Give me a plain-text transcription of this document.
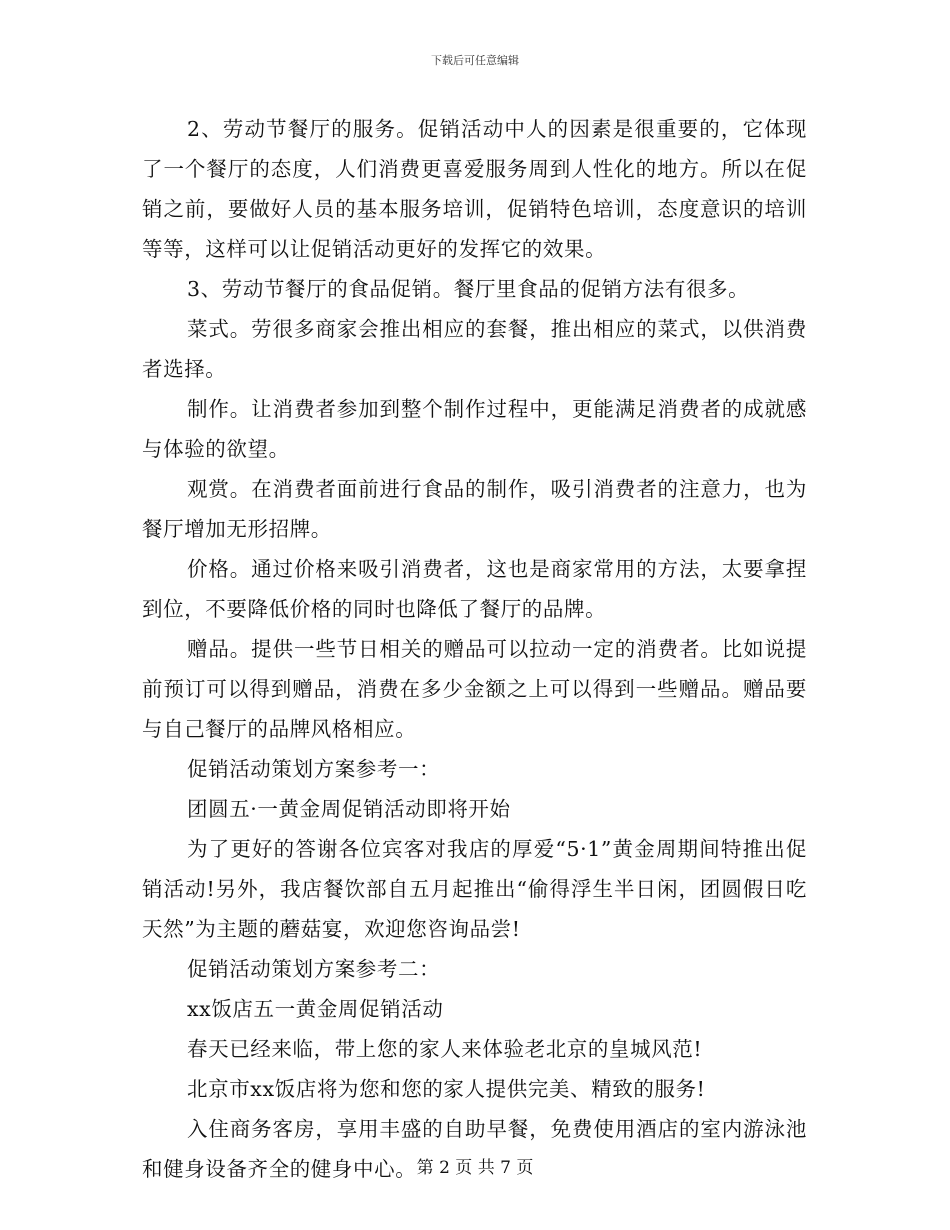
下载后可任意编辑

2、劳动节餐厅的服务。促销活动中人的因素是很重要的，它体现了一个餐厅的态度，人们消费更喜爱服务周到人性化的地方。所以在促销之前，要做好人员的基本服务培训，促销特色培训，态度意识的培训等等，这样可以让促销活动更好的发挥它的效果。

3、劳动节餐厅的食品促销。餐厅里食品的促销方法有很多。

菜式。劳很多商家会推出相应的套餐，推出相应的菜式，以供消费者选择。

制作。让消费者参加到整个制作过程中，更能满足消费者的成就感与体验的欲望。

观赏。在消费者面前进行食品的制作，吸引消费者的注意力，也为餐厅增加无形招牌。

价格。通过价格来吸引消费者，这也是商家常用的方法，太要拿捏到位，不要降低价格的同时也降低了餐厅的品牌。

赠品。提供一些节日相关的赠品可以拉动一定的消费者。比如说提前预订可以得到赠品，消费在多少金额之上可以得到一些赠品。赠品要与自己餐厅的品牌风格相应。

促销活动策划方案参考一：

团圆五·一黄金周促销活动即将开始

为了更好的答谢各位宾客对我店的厚爱“5·1”黄金周期间特推出促销活动!另外，我店餐饮部自五月起推出“偷得浮生半日闲，团圆假日吃天然”为主题的蘑菇宴，欢迎您咨询品尝!

促销活动策划方案参考二：

xx饭店五一黄金周促销活动

春天已经来临，带上您的家人来体验老北京的皇城风范!

北京市xx饭店将为您和您的家人提供完美、精致的服务!

入住商务客房，享用丰盛的自助早餐，免费使用酒店的室内游泳池和健身设备齐全的健身中心。 第 2 页 共 7 页
